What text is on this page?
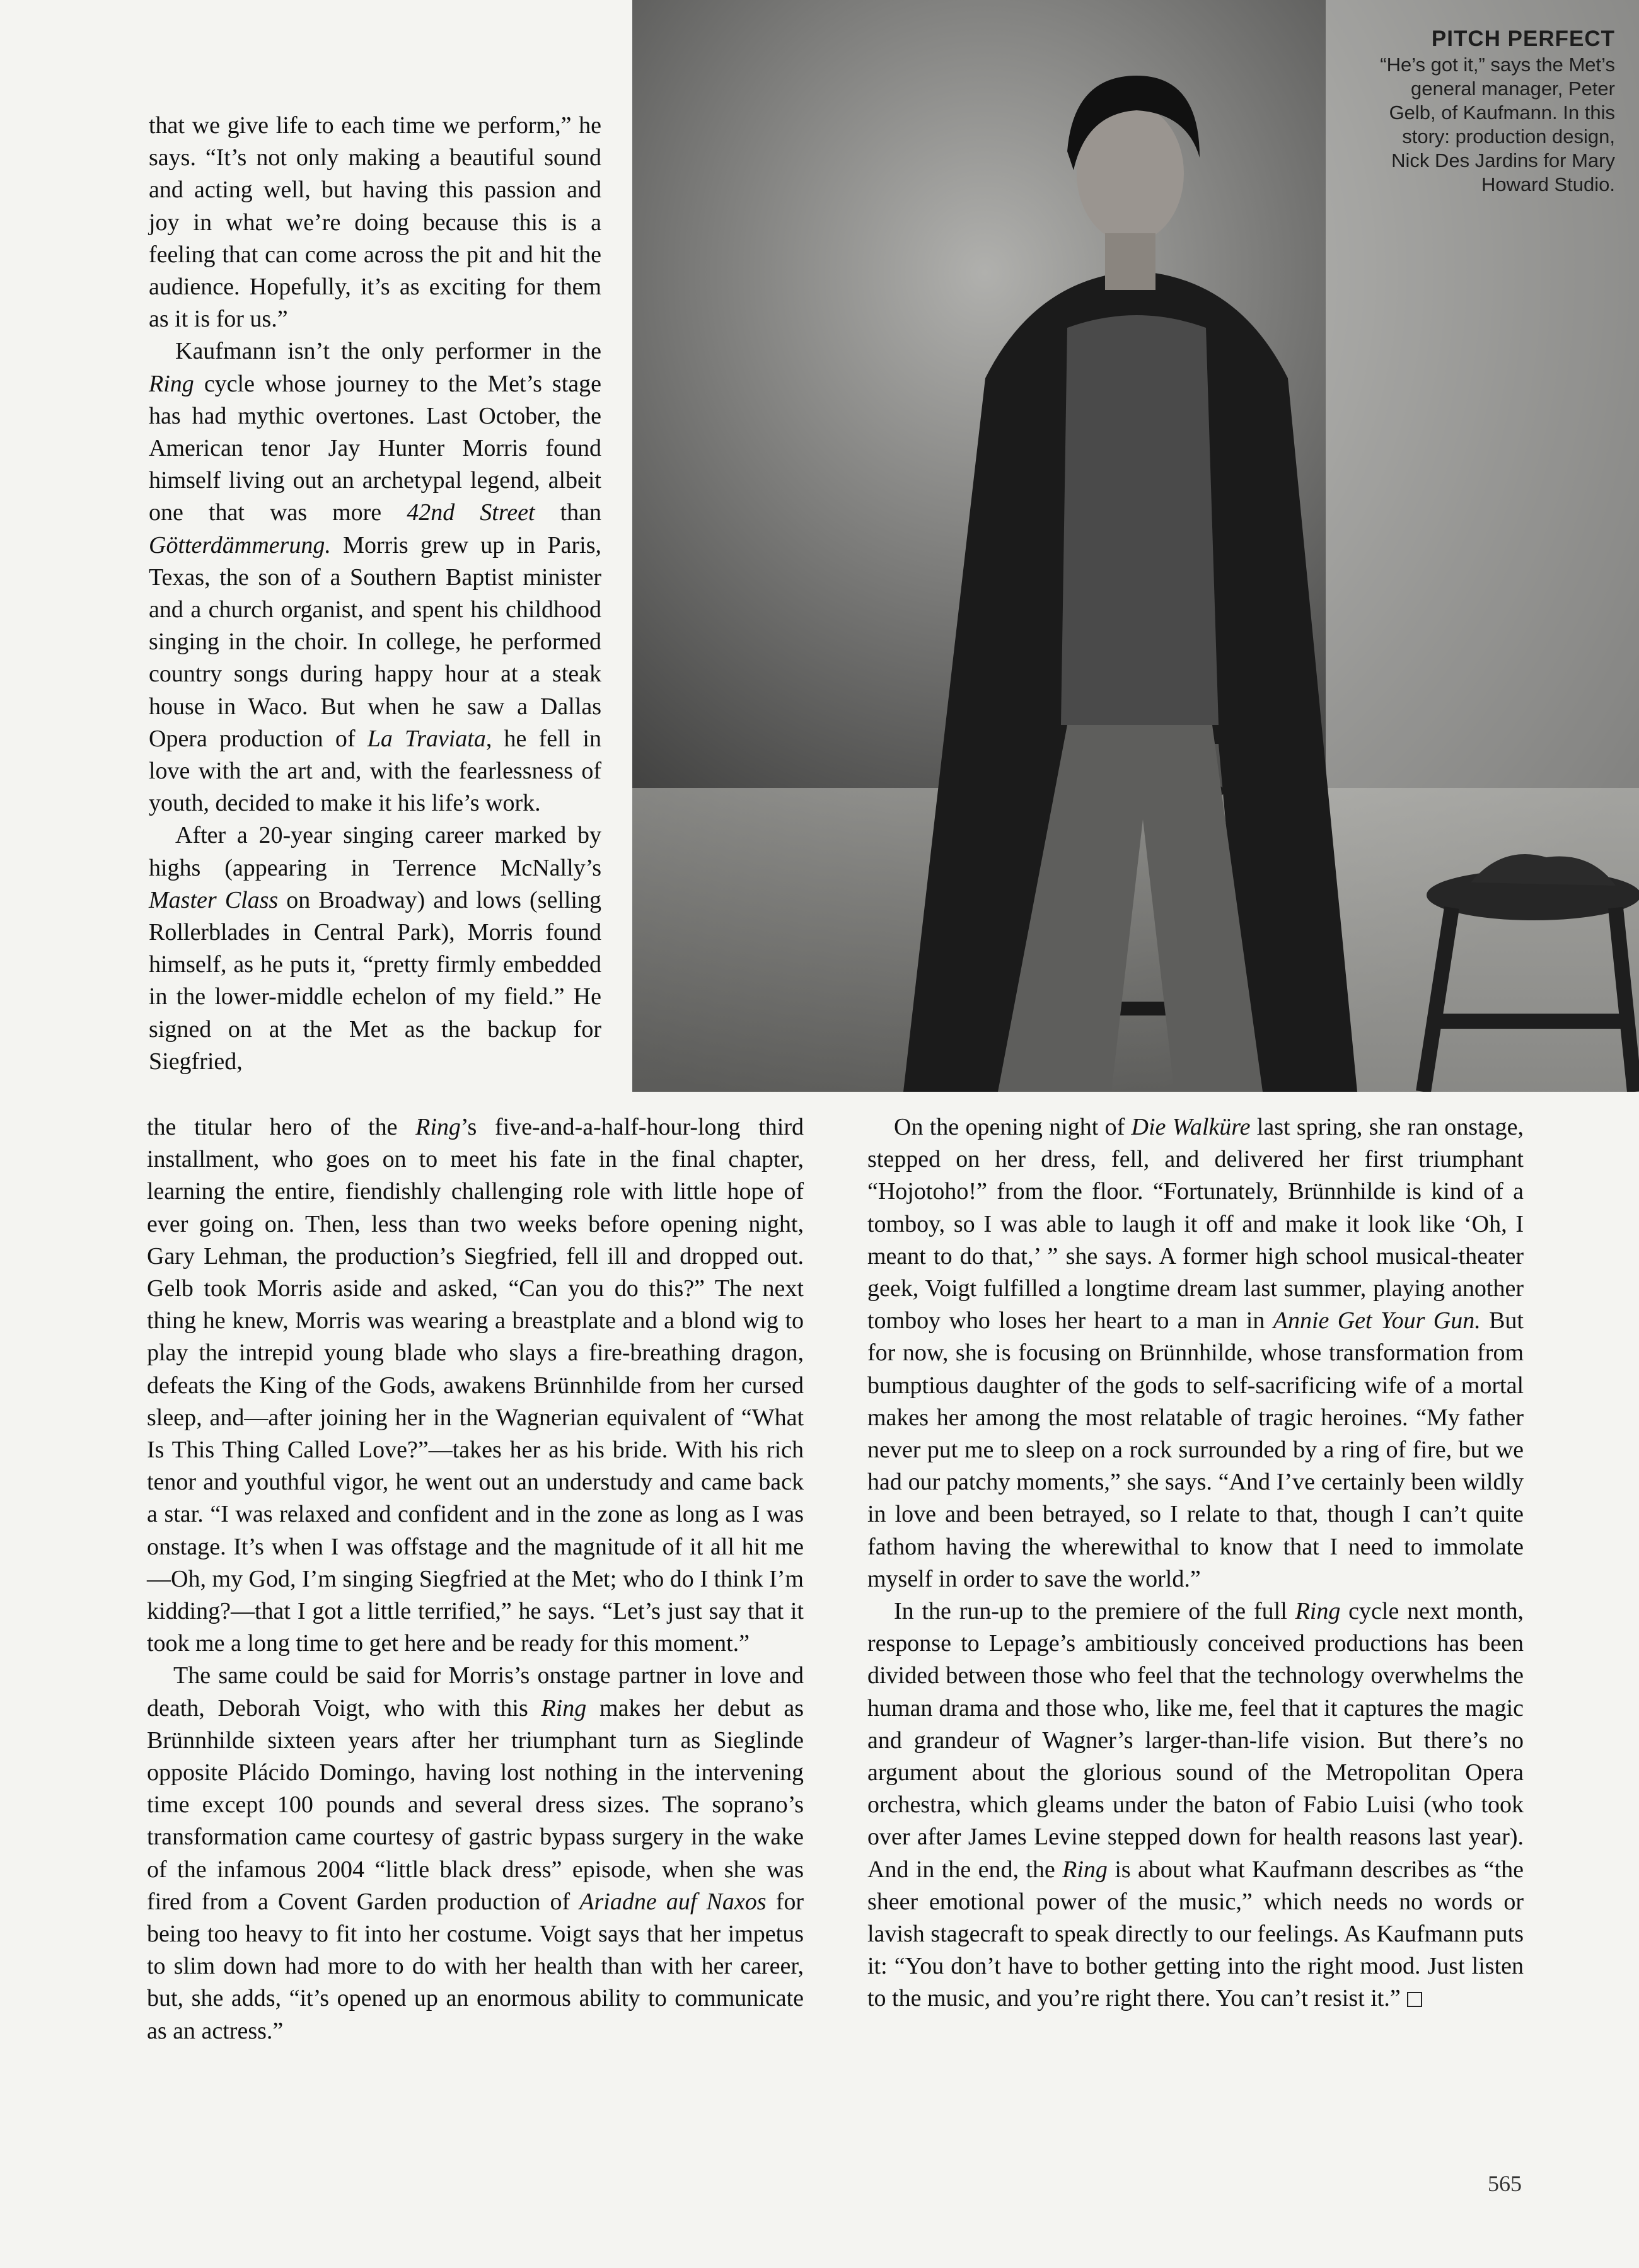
PITCH PERFECT
“He’s got it,” says the Met’s general manager, Peter Gelb, of Kaufmann. In this story: production design, Nick Des Jardins for Mary Howard Studio.

that we give life to each time we perform,” he says. “It’s not only making a beautiful sound and acting well, but having this passion and joy in what we’re doing because this is a feeling that can come across the pit and hit the audience. Hopefully, it’s as exciting for them as it is for us.”

Kaufmann isn’t the only performer in the Ring cycle whose journey to the Met’s stage has had mythic overtones. Last October, the American tenor Jay Hunter Morris found himself living out an archetypal legend, albeit one that was more 42nd Street than Götterdämmerung. Morris grew up in Paris, Texas, the son of a Southern Baptist minister and a church organist, and spent his childhood singing in the choir. In college, he performed country songs during happy hour at a steak house in Waco. But when he saw a Dallas Opera production of La Traviata, he fell in love with the art and, with the fearlessness of youth, decided to make it his life’s work.

After a 20-year singing career marked by highs (appearing in Terrence McNally’s Master Class on Broadway) and lows (selling Rollerblades in Central Park), Morris found himself, as he puts it, “pretty firmly embedded in the lower-middle echelon of my field.” He signed on at the Met as the backup for Siegfried,

the titular hero of the Ring’s five-and-a-half-hour-long third installment, who goes on to meet his fate in the final chapter, learning the entire, fiendishly challenging role with little hope of ever going on. Then, less than two weeks before opening night, Gary Lehman, the production’s Siegfried, fell ill and dropped out. Gelb took Morris aside and asked, “Can you do this?” The next thing he knew, Morris was wearing a breastplate and a blond wig to play the intrepid young blade who slays a fire-breathing dragon, defeats the King of the Gods, awakens Brünnhilde from her cursed sleep, and—after joining her in the Wagnerian equivalent of “What Is This Thing Called Love?”—takes her as his bride. With his rich tenor and youthful vigor, he went out an understudy and came back a star. “I was relaxed and confident and in the zone as long as I was onstage. It’s when I was offstage and the magnitude of it all hit me—Oh, my God, I’m singing Siegfried at the Met; who do I think I’m kidding?—that I got a little terrified,” he says. “Let’s just say that it took me a long time to get here and be ready for this moment.”

The same could be said for Morris’s onstage partner in love and death, Deborah Voigt, who with this Ring makes her debut as Brünnhilde sixteen years after her triumphant turn as Sieglinde opposite Plácido Domingo, having lost nothing in the intervening time except 100 pounds and several dress sizes. The soprano’s transformation came courtesy of gastric bypass surgery in the wake of the infamous 2004 “little black dress” episode, when she was fired from a Covent Garden production of Ariadne auf Naxos for being too heavy to fit into her costume. Voigt says that her impetus to slim down had more to do with her health than with her career, but, she adds, “it’s opened up an enormous ability to communicate as an actress.”

On the opening night of Die Walküre last spring, she ran onstage, stepped on her dress, fell, and delivered her first triumphant “Hojotoho!” from the floor. “Fortunately, Brünnhilde is kind of a tomboy, so I was able to laugh it off and make it look like ‘Oh, I meant to do that,’ ” she says. A former high school musical-theater geek, Voigt fulfilled a longtime dream last summer, playing another tomboy who loses her heart to a man in Annie Get Your Gun. But for now, she is focusing on Brünnhilde, whose transformation from bumptious daughter of the gods to self-sacrificing wife of a mortal makes her among the most relatable of tragic heroines. “My father never put me to sleep on a rock surrounded by a ring of fire, but we had our patchy moments,” she says. “And I’ve certainly been wildly in love and been betrayed, so I relate to that, though I can’t quite fathom having the wherewithal to know that I need to immolate myself in order to save the world.”

In the run-up to the premiere of the full Ring cycle next month, response to Lepage’s ambitiously conceived productions has been divided between those who feel that the technology overwhelms the human drama and those who, like me, feel that it captures the magic and grandeur of Wagner’s larger-than-life vision. But there’s no argument about the glorious sound of the Metropolitan Opera orchestra, which gleams under the baton of Fabio Luisi (who took over after James Levine stepped down for health reasons last year). And in the end, the Ring is about what Kaufmann describes as “the sheer emotional power of the music,” which needs no words or lavish stagecraft to speak directly to our feelings. As Kaufmann puts it: “You don’t have to bother getting into the right mood. Just listen to the music, and you’re right there. You can’t resist it.”

565
